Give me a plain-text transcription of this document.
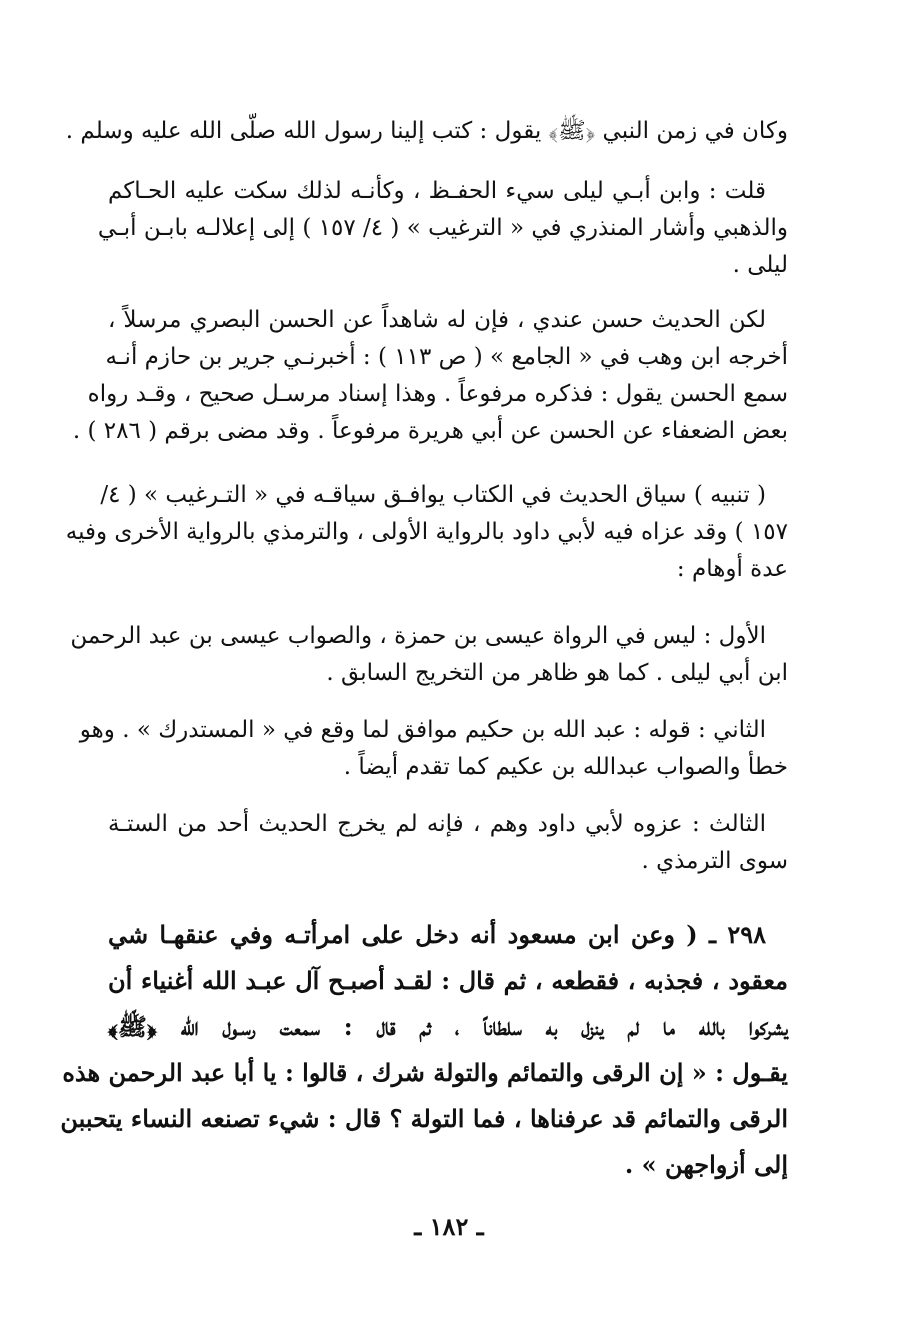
وكان في زمن النبي ﴿ﷺ﴾ يقول : كتب إلينا رسول الله صلّى الله عليه وسلم .
قلت : وابن أبـي ليلى سيء الحفـظ ، وكأنـه لذلك سكت عليه الحـاكم
والذهبي وأشار المنذري في « الترغيب » ( ٤/ ١٥٧ ) إلى إعلالـه بابـن أبـي
ليلى .
لكن الحديث حسن عندي ، فإن له شاهداً عن الحسن البصري مرسلاً ،
أخرجه ابن وهب في « الجامع » ( ص ١١٣ ) : أخبرنـي جرير بن حازم أنـه
سمع الحسن يقول : فذكره مرفوعاً . وهذا إسناد مرسـل صحيح ، وقـد رواه
بعض الضعفاء عن الحسن عن أبي هريرة مرفوعاً . وقد مضى برقم ( ٢٨٦ ) .
( تنبيه ) سياق الحديث في الكتاب يوافـق سياقـه في « التـرغيب » ( ٤/
١٥٧ ) وقد عزاه فيه لأبي داود بالرواية الأولى ، والترمذي بالرواية الأخرى وفيه
عدة أوهام :
الأول : ليس في الرواة عيسى بن حمزة ، والصواب عيسى بن عبد الرحمن
ابن أبي ليلى . كما هو ظاهر من التخريج السابق .
الثاني : قوله : عبد الله بن حكيم موافق لما وقع في « المستدرك » . وهو
خطأ والصواب عبدالله بن عكيم كما تقدم أيضاً .
الثالث : عزوه لأبي داود وهم ، فإنه لم يخرج الحديث أحد من الستـة
سوى الترمذي .
٢٩٨ ـ ( وعن ابن مسعود أنه دخل على امرأتـه وفي عنقهـا شي
معقود ، فجذبه ، فقطعه ، ثم قال : لقـد أصبـح آل عبـد الله أغنياء أن
يشركوا بالله ما لم ينزل به سلطاناً ، ثم قال : سمعت رسـول الله ﴿ﷺ﴾
يقـول : « إن الرقى والتمائم والتولة شرك ، قالوا : يا أبا عبد الرحمن هذه
الرقى والتمائم قد عرفناها ، فما التولة ؟ قال : شيء تصنعه النساء يتحببن
إلى أزواجهن » .
ـ ١٨٢ ـ
